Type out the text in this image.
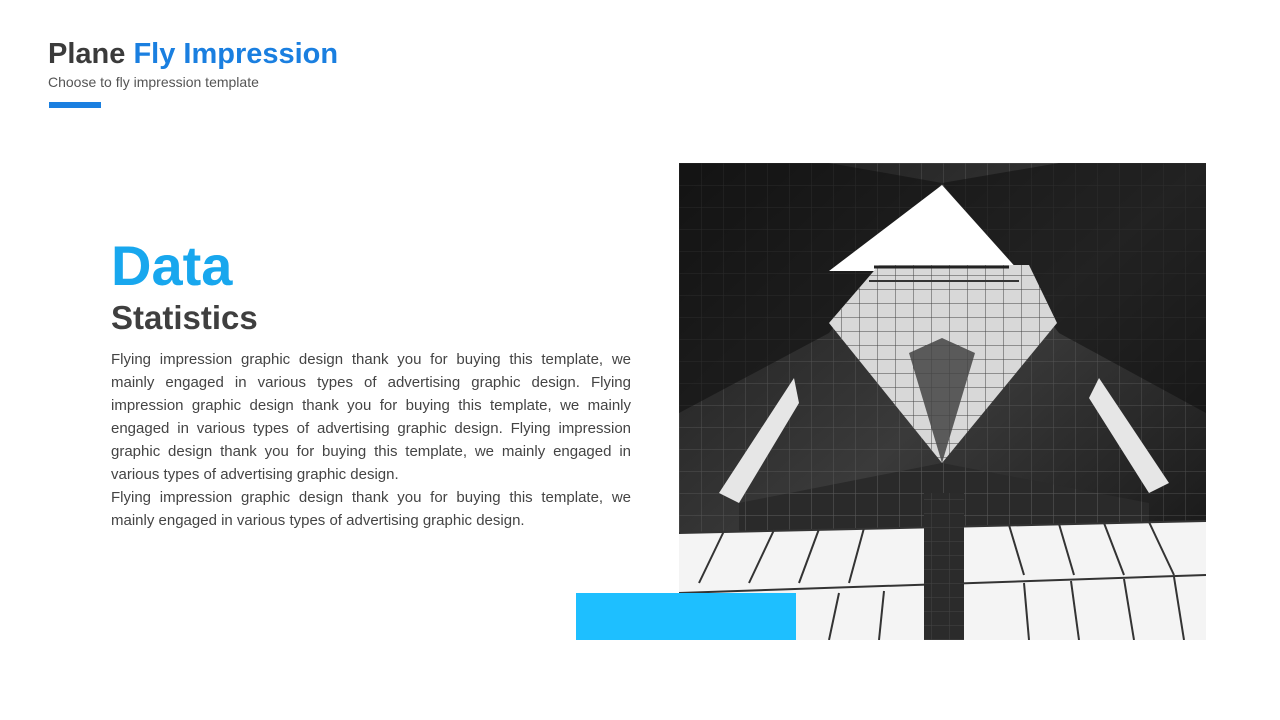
Plane Fly Impression
Choose to fly impression template
Data
Statistics

Flying impression graphic design thank you for buying this template, we mainly engaged in various types of advertising graphic design. Flying impression graphic design thank you for buying this template, we mainly engaged in various types of advertising graphic design. Flying impression graphic design thank you for buying this template, we mainly engaged in various types of advertising graphic design.

Flying impression graphic design thank you for buying this template, we mainly engaged in various types of advertising graphic design.
